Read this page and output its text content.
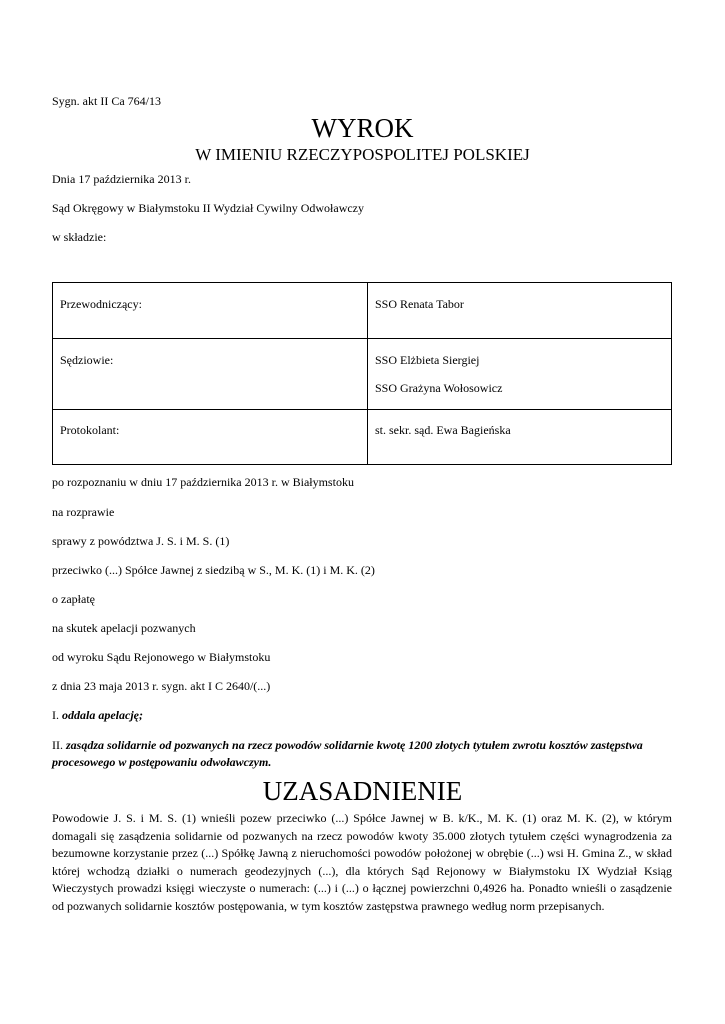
Sygn. akt II Ca 764/13
WYROK
W IMIENIU RZECZYPOSPOLITEJ POLSKIEJ
Dnia 17 października 2013 r.
Sąd Okręgowy w Białymstoku II Wydział Cywilny Odwoławczy
w składzie:
Przewodniczący:	SSO Renata Tabor
Sędziowie:	SSO Elżbieta Siergiej
SSO Grażyna Wołosowicz

Protokolant:	st. sekr. sąd. Ewa Bagieńska
po rozpoznaniu w dniu 17 października 2013 r. w Białymstoku
na rozprawie
sprawy z powództwa J. S. i M. S. (1)
przeciwko (...) Spółce Jawnej z siedzibą w S., M. K. (1) i M. K. (2)
o zapłatę
na skutek apelacji pozwanych
od wyroku Sądu Rejonowego w Białymstoku
z dnia 23 maja 2013 r. sygn. akt I C 2640/(...)
I. oddala apelację;
II. zasądza solidarnie od pozwanych na rzecz powodów solidarnie kwotę 1200 złotych tytułem zwrotu kosztów zastępstwa procesowego w postępowaniu odwoławczym.
UZASADNIENIE
Powodowie J. S. i M. S. (1) wnieśli pozew przeciwko (...) Spółce Jawnej w B. k/K., M. K. (1) oraz M. K. (2), w którym domagali się zasądzenia solidarnie od pozwanych na rzecz powodów kwoty 35.000 złotych tytułem części wynagrodzenia za bezumowne korzystanie przez (...) Spółkę Jawną z nieruchomości powodów położonej w obrębie (...) wsi H. Gmina Z., w skład której wchodzą działki o numerach geodezyjnych (...), dla których Sąd Rejonowy w Białymstoku IX Wydział Ksiąg Wieczystych prowadzi księgi wieczyste o numerach: (...) i (...) o łącznej powierzchni 0,4926 ha. Ponadto wnieśli o zasądzenie od pozwanych solidarnie kosztów postępowania, w tym kosztów zastępstwa prawnego według norm przepisanych.
